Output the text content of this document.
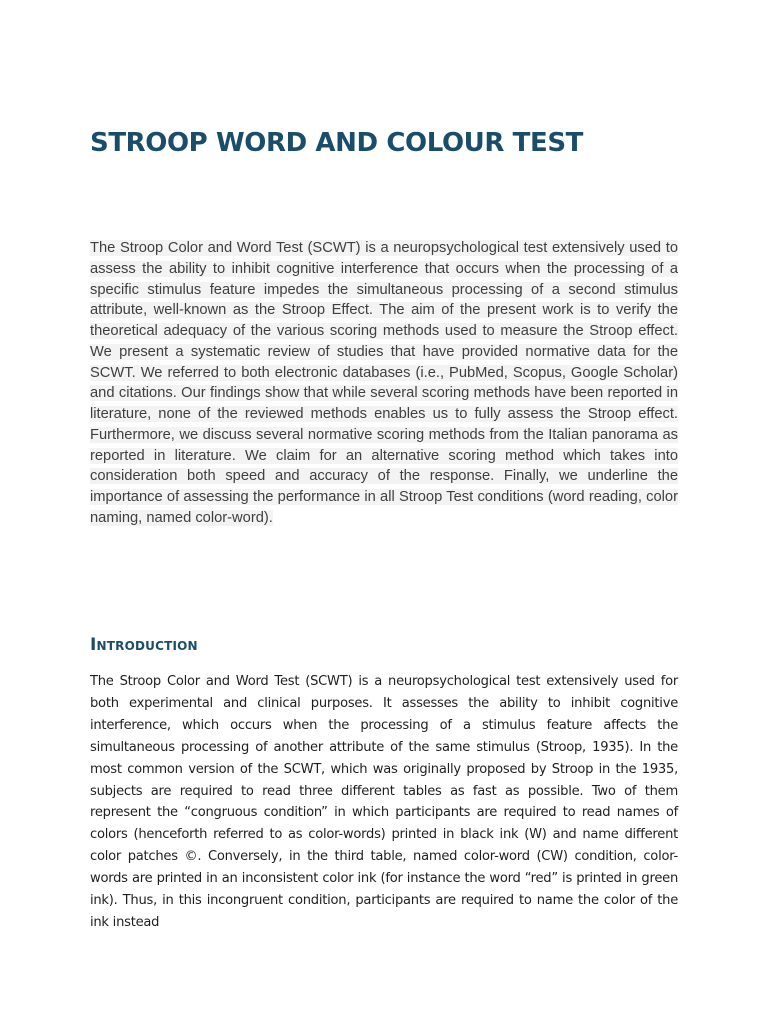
STROOP WORD AND COLOUR TEST

The Stroop Color and Word Test (SCWT) is a neuropsychological test extensively used to assess the ability to inhibit cognitive interference that occurs when the processing of a specific stimulus feature impedes the simultaneous processing of a second stimulus attribute, well-known as the Stroop Effect. The aim of the present work is to verify the theoretical adequacy of the various scoring methods used to measure the Stroop effect. We present a systematic review of studies that have provided normative data for the SCWT. We referred to both electronic databases (i.e., PubMed, Scopus, Google Scholar) and citations. Our findings show that while several scoring methods have been reported in literature, none of the reviewed methods enables us to fully assess the Stroop effect. Furthermore, we discuss several normative scoring methods from the Italian panorama as reported in literature. We claim for an alternative scoring method which takes into consideration both speed and accuracy of the response. Finally, we underline the importance of assessing the performance in all Stroop Test conditions (word reading, color naming, named color-word).

Introduction

The Stroop Color and Word Test (SCWT) is a neuropsychological test extensively used for both experimental and clinical purposes. It assesses the ability to inhibit cognitive interference, which occurs when the processing of a stimulus feature affects the simultaneous processing of another attribute of the same stimulus (Stroop, 1935). In the most common version of the SCWT, which was originally proposed by Stroop in the 1935, subjects are required to read three different tables as fast as possible. Two of them represent the “congruous condition” in which participants are required to read names of colors (henceforth referred to as color-words) printed in black ink (W) and name different color patches ©. Conversely, in the third table, named color-word (CW) condition, color-words are printed in an inconsistent color ink (for instance the word “red” is printed in green ink). Thus, in this incongruent condition, participants are required to name the color of the ink instead
